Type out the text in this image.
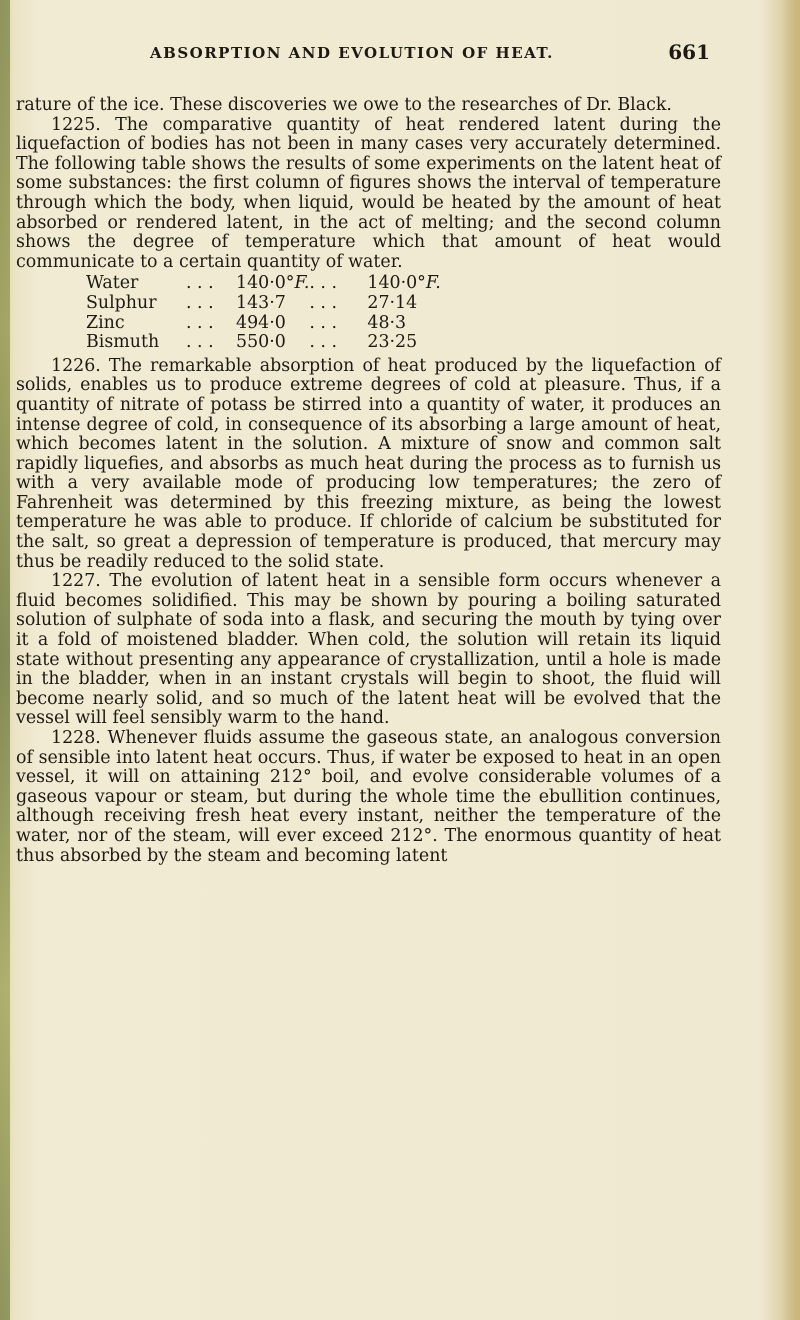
ABSORPTION AND EVOLUTION OF HEAT.	661

rature of the ice. These discoveries we owe to the researches of Dr. Black.

1225. The comparative quantity of heat rendered latent during the liquefaction of bodies has not been in many cases very accurately determined. The following table shows the results of some experiments on the latent heat of some substances: the first column of figures shows the interval of temperature through which the body, when liquid, would be heated by the amount of heat absorbed or rendered latent, in the act of melting; and the second column shows the degree of temperature which that amount of heat would communicate to a certain quantity of water.

Water	. . .	140·0°F.	. . .	140·0°F.
Sulphur	. . .	143·7	. . .	27·14
Zinc	. . .	494·0	. . .	48·3
Bismuth	. . .	550·0	. . .	23·25

1226. The remarkable absorption of heat produced by the liquefaction of solids, enables us to produce extreme degrees of cold at pleasure. Thus, if a quantity of nitrate of potass be stirred into a quantity of water, it produces an intense degree of cold, in consequence of its absorbing a large amount of heat, which becomes latent in the solution. A mixture of snow and common salt rapidly liquefies, and absorbs as much heat during the process as to furnish us with a very available mode of producing low temperatures; the zero of Fahrenheit was determined by this freezing mixture, as being the lowest temperature he was able to produce. If chloride of calcium be substituted for the salt, so great a depression of temperature is produced, that mercury may thus be readily reduced to the solid state.

1227. The evolution of latent heat in a sensible form occurs whenever a fluid becomes solidified. This may be shown by pouring a boiling saturated solution of sulphate of soda into a flask, and securing the mouth by tying over it a fold of moistened bladder. When cold, the solution will retain its liquid state without presenting any appearance of crystallization, until a hole is made in the bladder, when in an instant crystals will begin to shoot, the fluid will become nearly solid, and so much of the latent heat will be evolved that the vessel will feel sensibly warm to the hand.

1228. Whenever fluids assume the gaseous state, an analogous conversion of sensible into latent heat occurs. Thus, if water be exposed to heat in an open vessel, it will on attaining 212° boil, and evolve considerable volumes of a gaseous vapour or steam, but during the whole time the ebullition continues, although receiving fresh heat every instant, neither the temperature of the water, nor of the steam, will ever exceed 212°. The enormous quantity of heat thus absorbed by the steam and becoming latent
